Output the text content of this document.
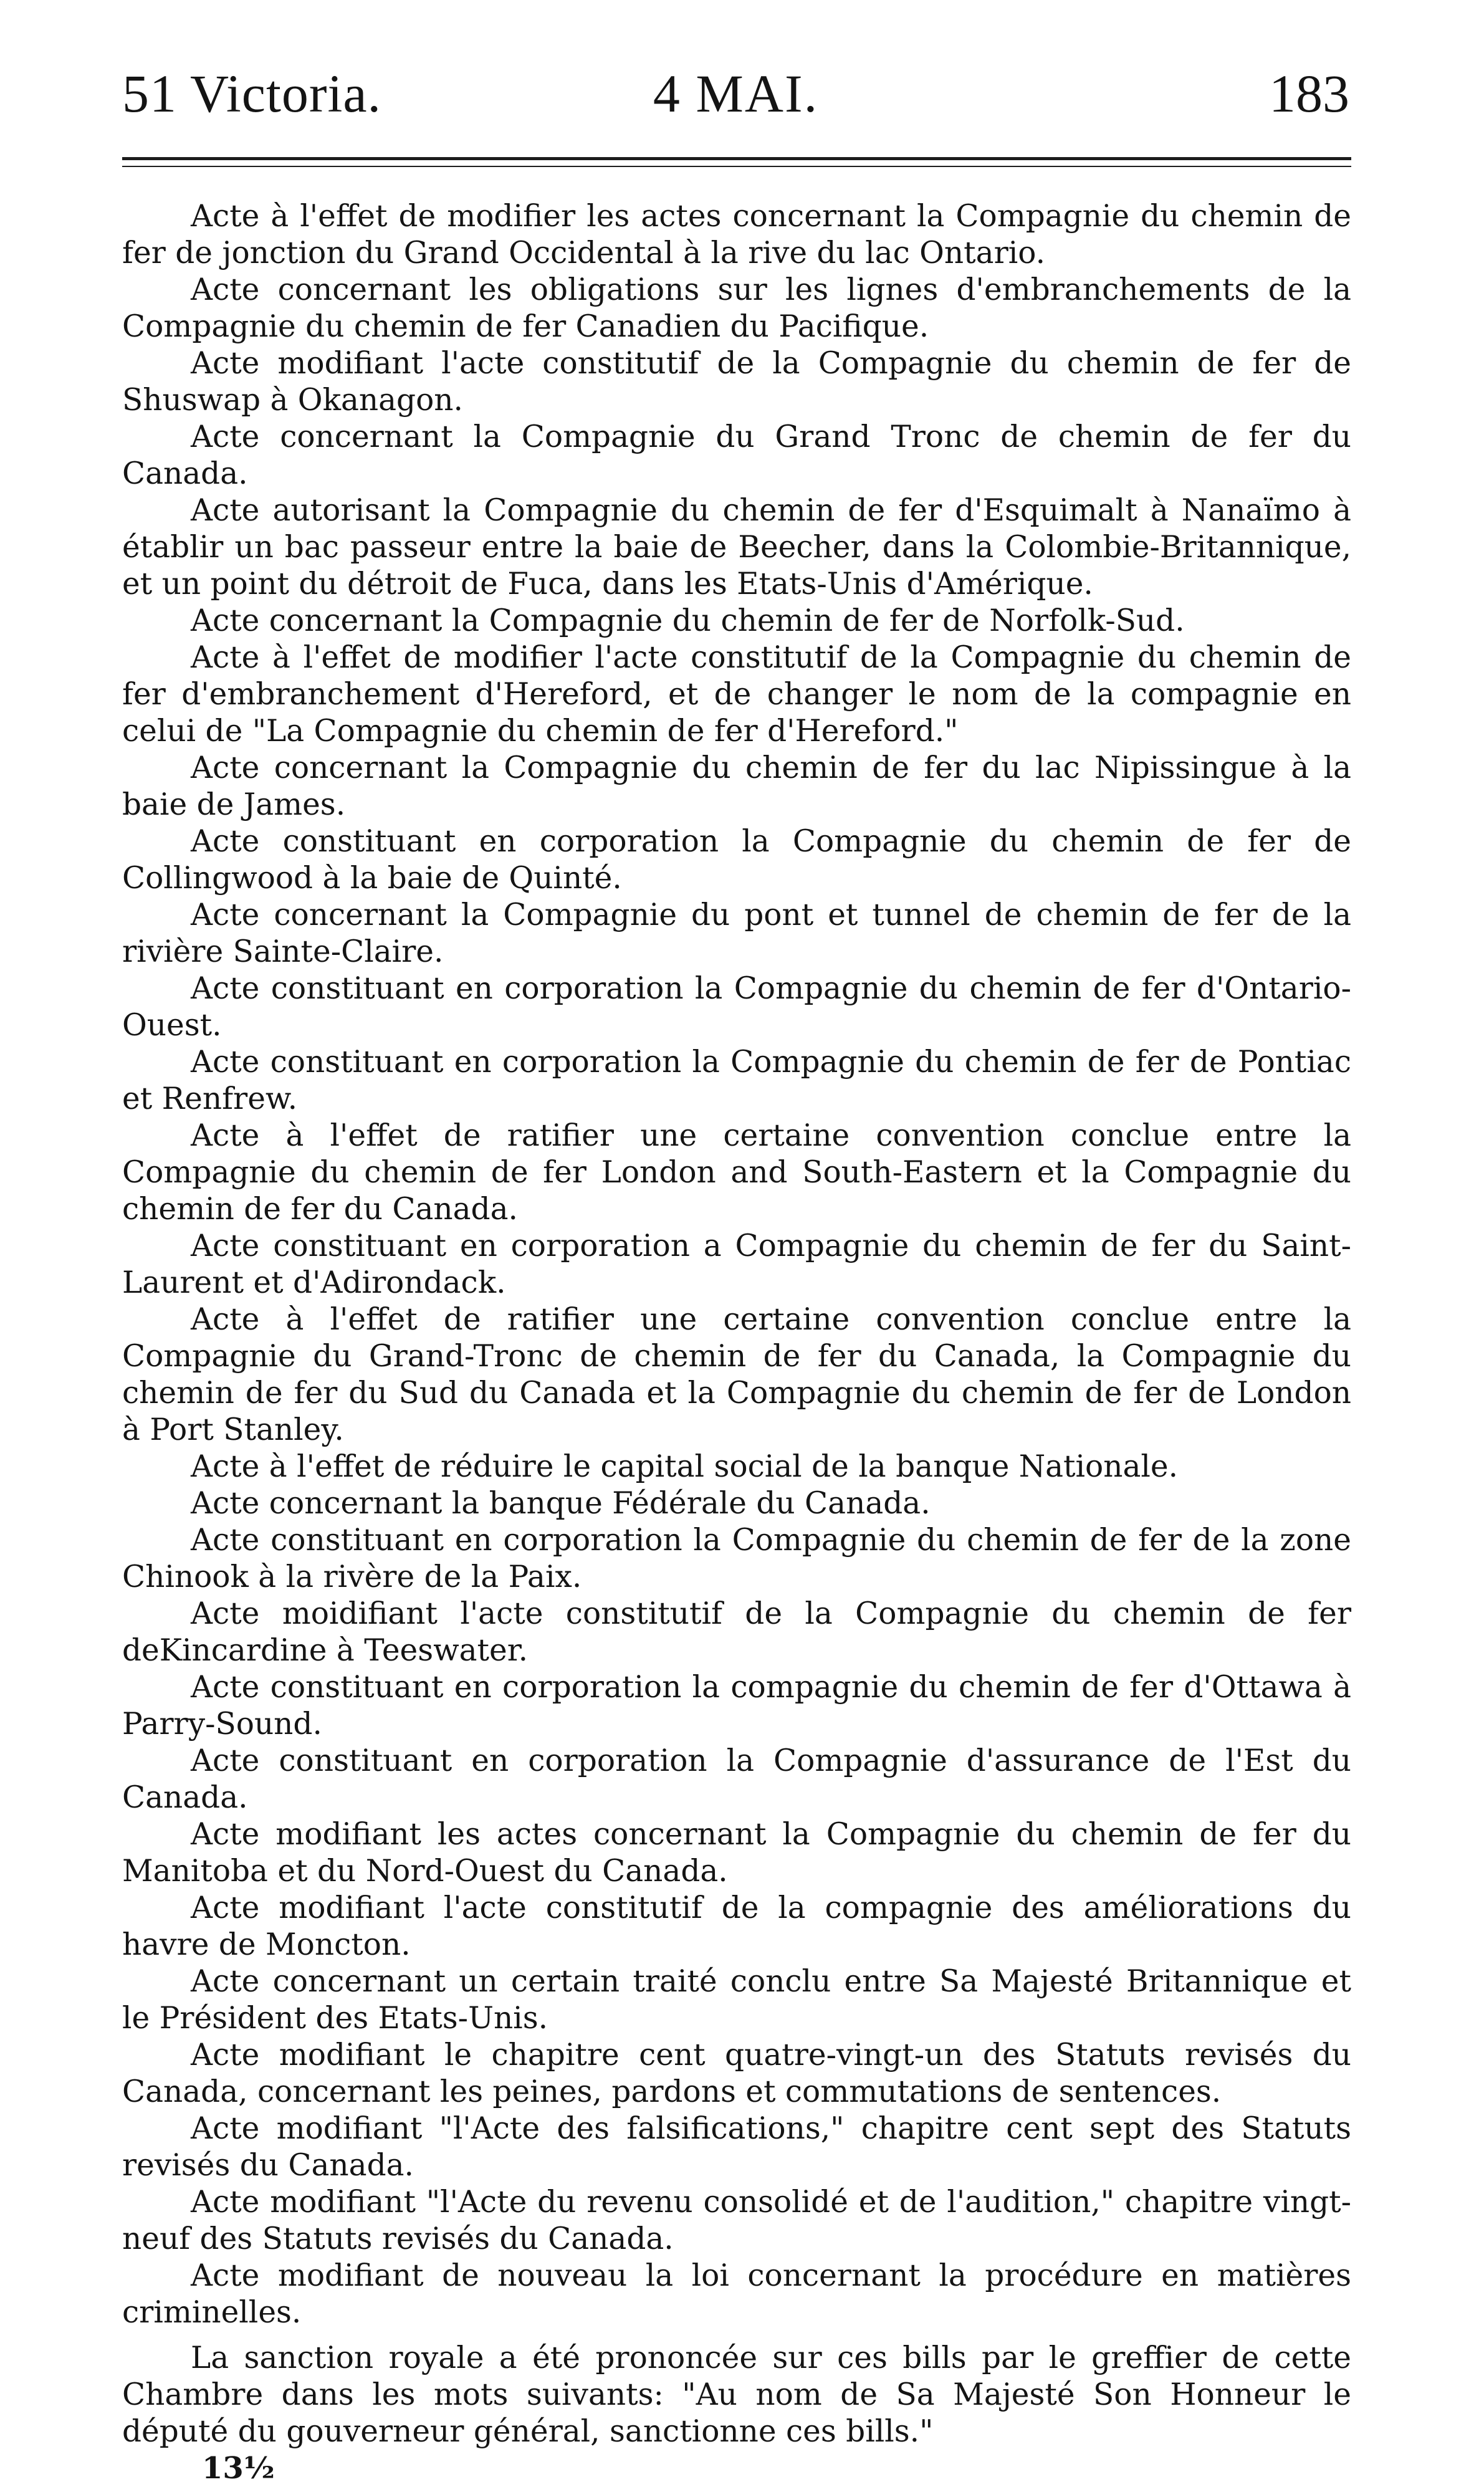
51 Victoria.	4 MAI.	183
Acte à l'effet de modifier les actes concernant la Compagnie du chemin de fer de jonction du Grand Occidental à la rive du lac Ontario.
Acte concernant les obligations sur les lignes d'embranchements de la Compagnie du chemin de fer Canadien du Pacifique.
Acte modifiant l'acte constitutif de la Compagnie du chemin de fer de Shuswap à Okanagon.
Acte concernant la Compagnie du Grand Tronc de chemin de fer du Canada.
Acte autorisant la Compagnie du chemin de fer d'Esquimalt à Nanaïmo à établir un bac passeur entre la baie de Beecher, dans la Colombie-Britannique, et un point du détroit de Fuca, dans les Etats-Unis d'Amérique.
Acte concernant la Compagnie du chemin de fer de Norfolk-Sud.
Acte à l'effet de modifier l'acte constitutif de la Compagnie du chemin de fer d'embranchement d'Hereford, et de changer le nom de la compagnie en celui de "La Compagnie du chemin de fer d'Hereford."
Acte concernant la Compagnie du chemin de fer du lac Nipissingue à la baie de James.
Acte constituant en corporation la Compagnie du chemin de fer de Collingwood à la baie de Quinté.
Acte concernant la Compagnie du pont et tunnel de chemin de fer de la rivière Sainte-Claire.
Acte constituant en corporation la Compagnie du chemin de fer d'Ontario-Ouest.
Acte constituant en corporation la Compagnie du chemin de fer de Pontiac et Renfrew.
Acte à l'effet de ratifier une certaine convention conclue entre la Compagnie du chemin de fer London and South-Eastern et la Compagnie du chemin de fer du Canada.
Acte constituant en corporation a Compagnie du chemin de fer du Saint-Laurent et d'Adirondack.
Acte à l'effet de ratifier une certaine convention conclue entre la Compagnie du Grand-Tronc de chemin de fer du Canada, la Compagnie du chemin de fer du Sud du Canada et la Compagnie du chemin de fer de London à Port Stanley.
Acte à l'effet de réduire le capital social de la banque Nationale.
Acte concernant la banque Fédérale du Canada.
Acte constituant en corporation la Compagnie du chemin de fer de la zone Chinook à la rivère de la Paix.
Acte moidifiant l'acte constitutif de la Compagnie du chemin de fer deKincardine à Teeswater.
Acte constituant en corporation la compagnie du chemin de fer d'Ottawa à Parry-Sound.
Acte constituant en corporation la Compagnie d'assurance de l'Est du Canada.
Acte modifiant les actes concernant la Compagnie du chemin de fer du Manitoba et du Nord-Ouest du Canada.
Acte modifiant l'acte constitutif de la compagnie des améliorations du havre de Moncton.
Acte concernant un certain traité conclu entre Sa Majesté Britannique et le Président des Etats-Unis.
Acte modifiant le chapitre cent quatre-vingt-un des Statuts revisés du Canada, concernant les peines, pardons et commutations de sentences.
Acte modifiant "l'Acte des falsifications," chapitre cent sept des Statuts revisés du Canada.
Acte modifiant "l'Acte du revenu consolidé et de l'audition," chapitre vingt-neuf des Statuts revisés du Canada.
Acte modifiant de nouveau la loi concernant la procédure en matières criminelles.

La sanction royale a été prononcée sur ces bills par le greffier de cette Chambre dans les mots suivants: "Au nom de Sa Majesté Son Honneur le député du gouverneur général, sanctionne ces bills."

13½
